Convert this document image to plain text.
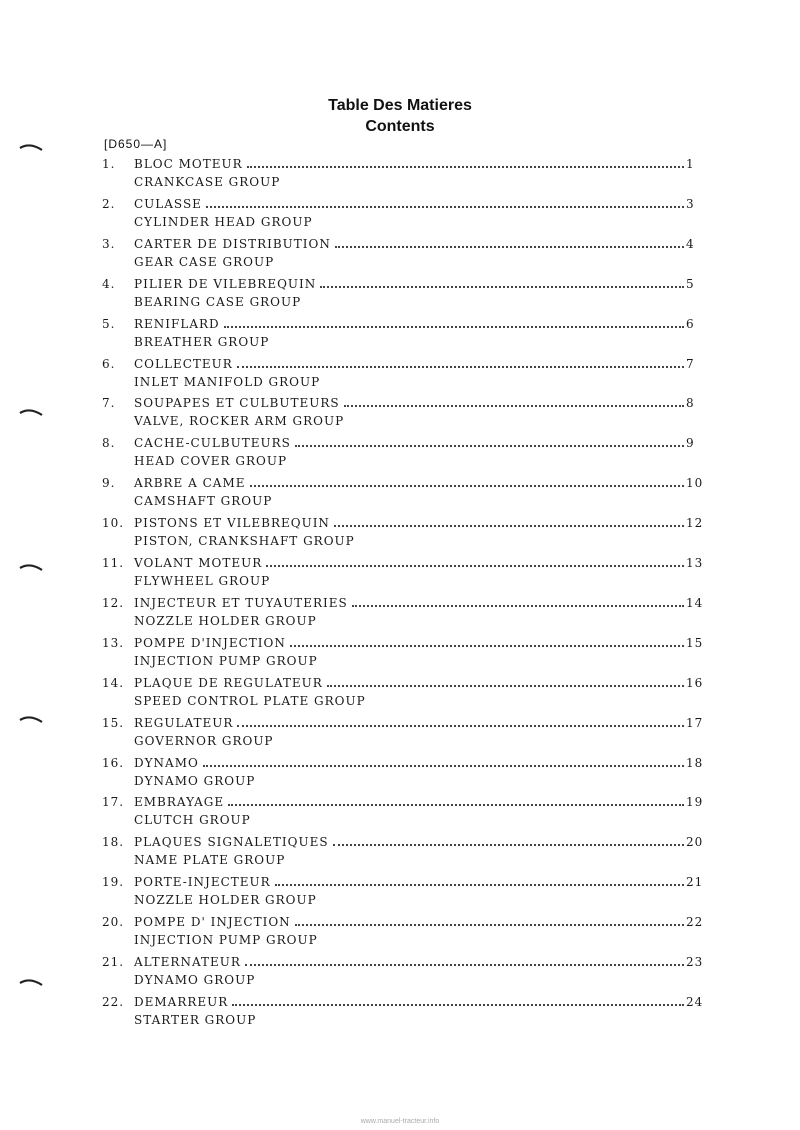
Table Des Matieres
Contents
[D650—A]
1.	BLOC MOTEUR	1
CRANKCASE GROUP
2.	CULASSE	3
CYLINDER HEAD GROUP
3.	CARTER DE DISTRIBUTION	4
GEAR CASE GROUP
4.	PILIER DE VILEBREQUIN	5
BEARING CASE GROUP
5.	RENIFLARD	6
BREATHER GROUP
6.	COLLECTEUR	7
INLET MANIFOLD GROUP
7.	SOUPAPES ET CULBUTEURS	8
VALVE, ROCKER ARM GROUP
8.	CACHE-CULBUTEURS	9
HEAD COVER GROUP
9.	ARBRE A CAME	10
CAMSHAFT GROUP
10. PISTONS ET VILEBREQUIN	12
PISTON, CRANKSHAFT GROUP
11. VOLANT MOTEUR	13
FLYWHEEL GROUP
12. INJECTEUR ET TUYAUTERIES	14
NOZZLE HOLDER GROUP
13. POMPE D'INJECTION	15
INJECTION PUMP GROUP
14. PLAQUE DE REGULATEUR	16
SPEED CONTROL PLATE GROUP
15. REGULATEUR	17
GOVERNOR GROUP
16. DYNAMO	18
DYNAMO GROUP
17. EMBRAYAGE	19
CLUTCH GROUP
18. PLAQUES SIGNALETIQUES	20
NAME PLATE GROUP
19. PORTE-INJECTEUR	21
NOZZLE HOLDER GROUP
20. POMPE D' INJECTION	22
INJECTION PUMP GROUP
21. ALTERNATEUR	23
DYNAMO GROUP
22. DEMARREUR	24
STARTER GROUP
www.manuel-tracteur.info
